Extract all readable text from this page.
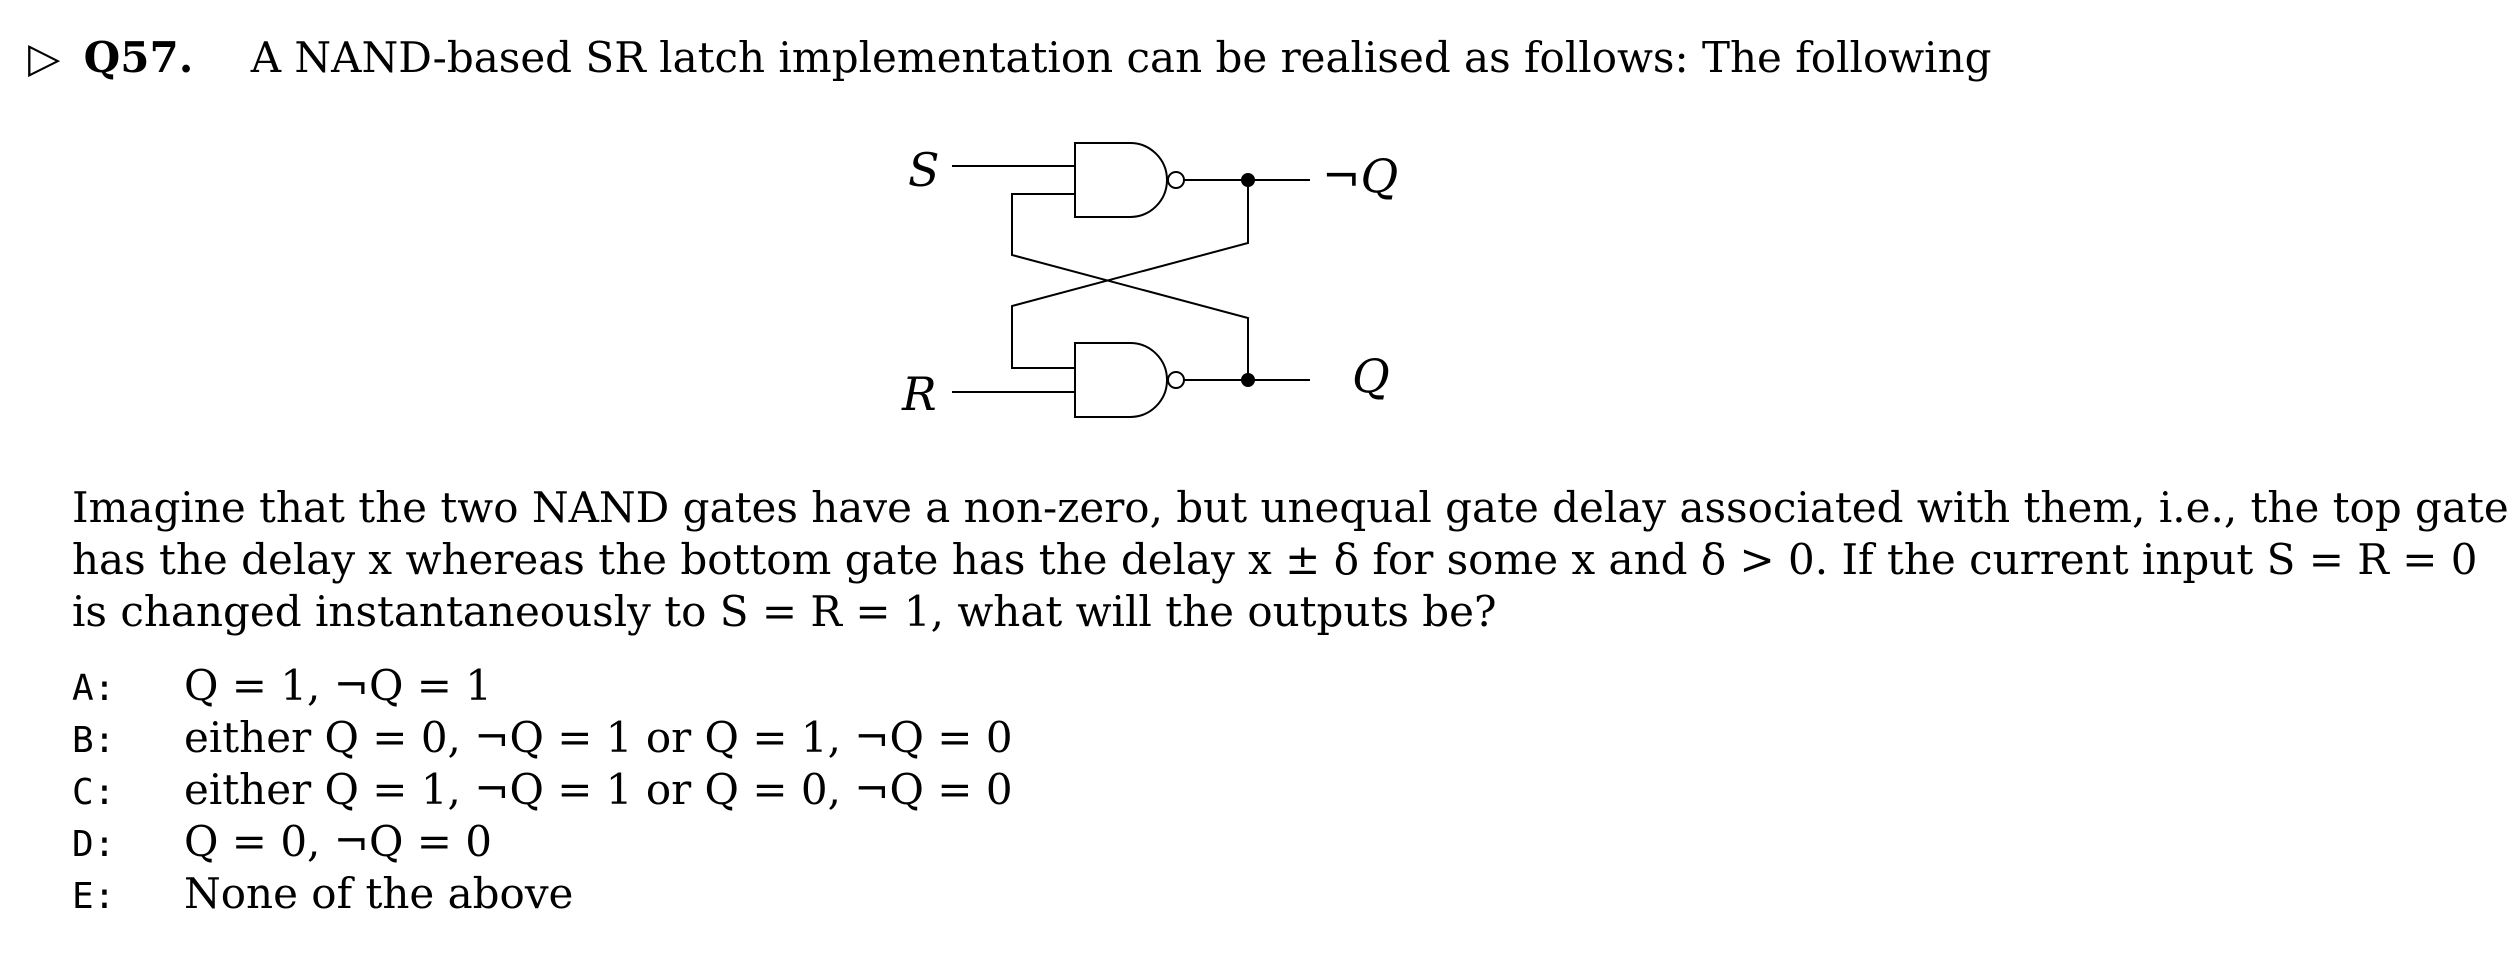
▷ Q57. A NAND-based SR latch implementation can be realised as follows: The following
S
R
¬Q
Q
Imagine that the two NAND gates have a non-zero, but unequal gate delay associated with them, i.e., the top gate
has the delay x whereas the bottom gate has the delay x ± δ for some x and δ > 0. If the current input S = R = 0
is changed instantaneously to S = R = 1, what will the outputs be?
A:	Q = 1, ¬Q = 1
B:	either Q = 0, ¬Q = 1 or Q = 1, ¬Q = 0
C:	either Q = 1, ¬Q = 1 or Q = 0, ¬Q = 0
D:	Q = 0, ¬Q = 0
E:	None of the above
